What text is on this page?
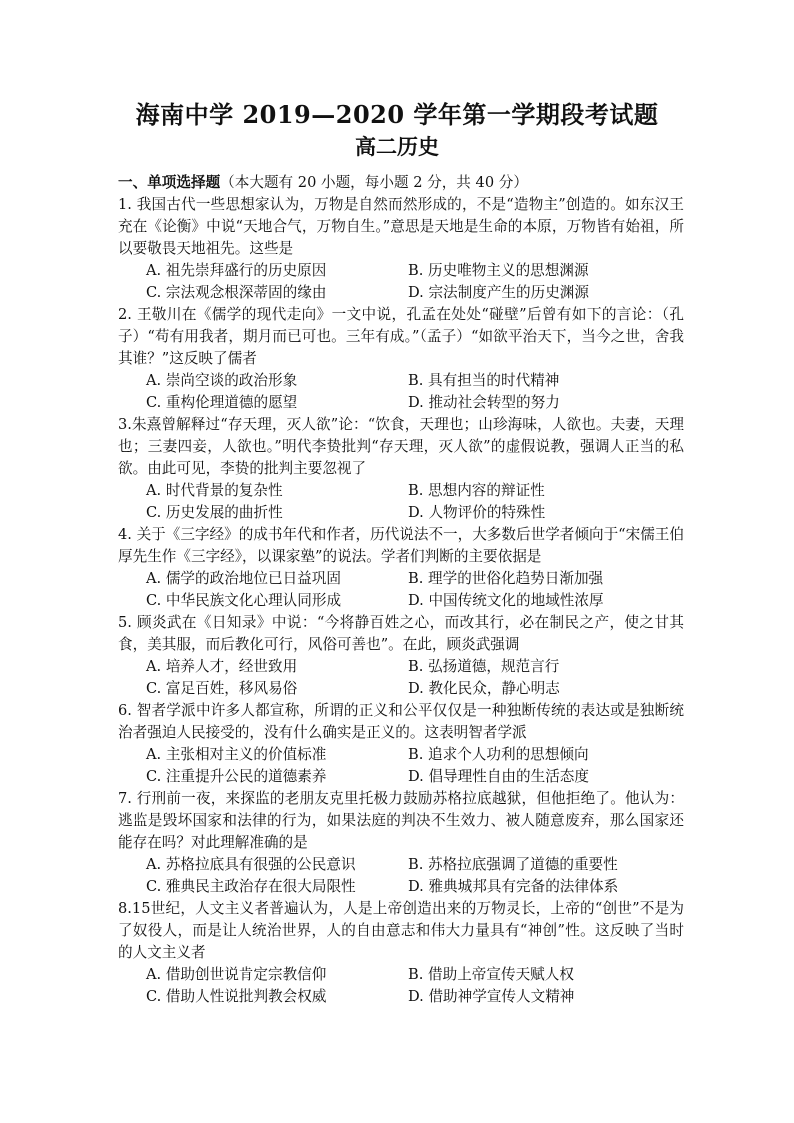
海南中学 2019—2020 学年第一学期段考试题
高二历史
一、单项选择题（本大题有 20 小题，每小题 2 分，共 40 分）
1. 我国古代一些思想家认为，万物是自然而然形成的，不是“造物主”创造的。如东汉王充在《论衡》中说“天地合气，万物自生。”意思是天地是生命的本原，万物皆有始祖，所以要敬畏天地祖先。这些是
A. 祖先崇拜盛行的历史原因	B. 历史唯物主义的思想渊源
C. 宗法观念根深蒂固的缘由	D. 宗法制度产生的历史渊源
2. 王敬川在《儒学的现代走向》一文中说，孔孟在处处“碰壁”后曾有如下的言论：（孔子）“苟有用我者，期月而已可也。三年有成。”（孟子）“如欲平治天下，当今之世，舍我其谁？”这反映了儒者
A. 崇尚空谈的政治形象	B. 具有担当的时代精神
C. 重构伦理道德的愿望	D. 推动社会转型的努力
3.朱熹曾解释过“存天理，灭人欲”论：“饮食，天理也；山珍海味，人欲也。夫妻，天理也；三妻四妾，人欲也。”明代李贽批判“存天理，灭人欲”的虚假说教，强调人正当的私欲。由此可见，李贽的批判主要忽视了
A. 时代背景的复杂性	B. 思想内容的辩证性
C. 历史发展的曲折性	D. 人物评价的特殊性
4. 关于《三字经》的成书年代和作者，历代说法不一，大多数后世学者倾向于“宋儒王伯厚先生作《三字经》，以课家塾”的说法。学者们判断的主要依据是
A. 儒学的政治地位已日益巩固	B. 理学的世俗化趋势日渐加强
C. 中华民族文化心理认同形成	D. 中国传统文化的地域性浓厚
5. 顾炎武在《日知录》中说：“今将静百姓之心，而改其行，必在制民之产，使之甘其食，美其服，而后教化可行，风俗可善也”。在此，顾炎武强调
A. 培养人才，经世致用	B. 弘扬道德，规范言行
C. 富足百姓，移风易俗	D. 教化民众，静心明志
6. 智者学派中许多人都宣称，所谓的正义和公平仅仅是一种独断传统的表达或是独断统治者强迫人民接受的，没有什么确实是正义的。这表明智者学派
A. 主张相对主义的价值标准	B. 追求个人功利的思想倾向
C. 注重提升公民的道德素养	D. 倡导理性自由的生活态度
7. 行刑前一夜，来探监的老朋友克里托极力鼓励苏格拉底越狱，但他拒绝了。他认为：逃监是毁坏国家和法律的行为，如果法庭的判决不生效力、被人随意废弃，那么国家还能存在吗？对此理解准确的是
A. 苏格拉底具有很强的公民意识	B. 苏格拉底强调了道德的重要性
C. 雅典民主政治存在很大局限性	D. 雅典城邦具有完备的法律体系
8.15世纪，人文主义者普遍认为，人是上帝创造出来的万物灵长，上帝的“创世”不是为了奴役人，而是让人统治世界，人的自由意志和伟大力量具有“神创”性。这反映了当时的人文主义者
A. 借助创世说肯定宗教信仰	B. 借助上帝宣传天赋人权
C. 借助人性说批判教会权威	D. 借助神学宣传人文精神
